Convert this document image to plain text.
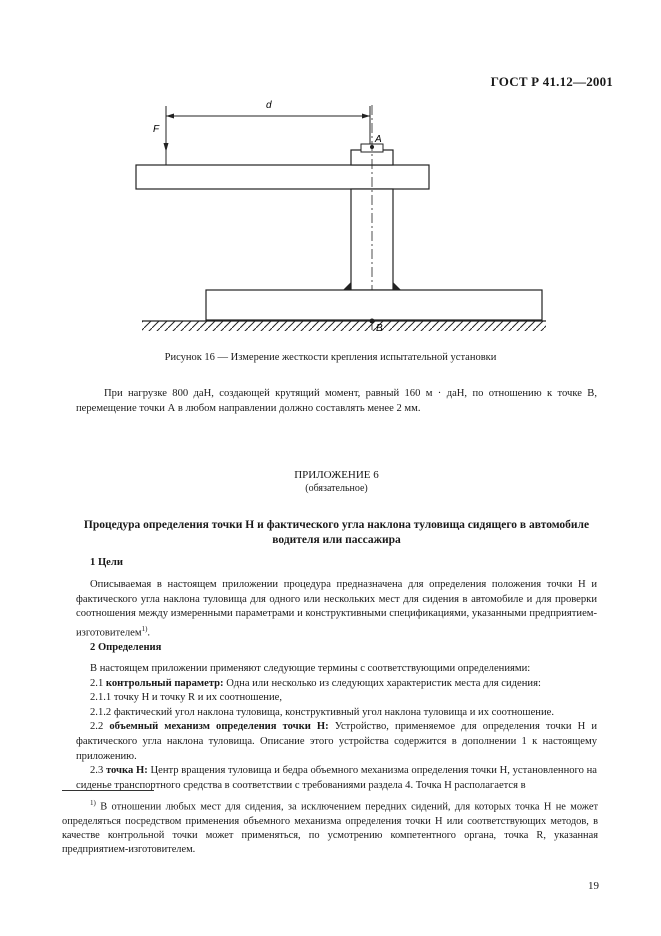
ГОСТ Р 41.12—2001
d
F
A
B
Рисунок 16 — Измерение жесткости крепления испытательной установки

При нагрузке 800 даН, создающей крутящий момент, равный 160 м · даН, по отношению к точке В, перемещение точки А в любом направлении должно составлять менее 2 мм.

ПРИЛОЖЕНИЕ 6
(обязательное)
Процедура определения точки Н и фактического угла наклона туловища сидящего в автомобиле водителя или пассажира
1 Цели

Описываемая в настоящем приложении процедура предназначена для определения положения точки Н и фактического угла наклона туловища для одного или нескольких мест для сидения в автомобиле и для проверки соотношения между измеренными параметрами и конструктивными спецификациями, указанными предприятием-изготовителем$^{1)}$.

2 Определения

В настоящем приложении применяют следующие термины с соответствующими определениями:

2.1 контрольный параметр: Одна или несколько из следующих характеристик места для сидения:

2.1.1 точку Н и точку R и их соотношение,

2.1.2 фактический угол наклона туловища, конструктивный угол наклона туловища и их соотношение.

2.2 объемный механизм определения точки Н: Устройство, применяемое для определения точки Н и фактического угла наклона туловища. Описание этого устройства содержится в дополнении 1 к настоящему приложению.

2.3 точка Н: Центр вращения туловища и бедра объемного механизма определения точки Н, установленного на сиденье транспортного средства в соответствии с требованиями раздела 4. Точка Н располагается в

$^{1)}$ В отношении любых мест для сидения, за исключением передних сидений, для которых точка Н не может определяться посредством применения объемного механизма определения точки Н или соответствующих методов, в качестве контрольной точки может применяться, по усмотрению компетентного органа, точка R, указанная предприятием-изготовителем.

19
